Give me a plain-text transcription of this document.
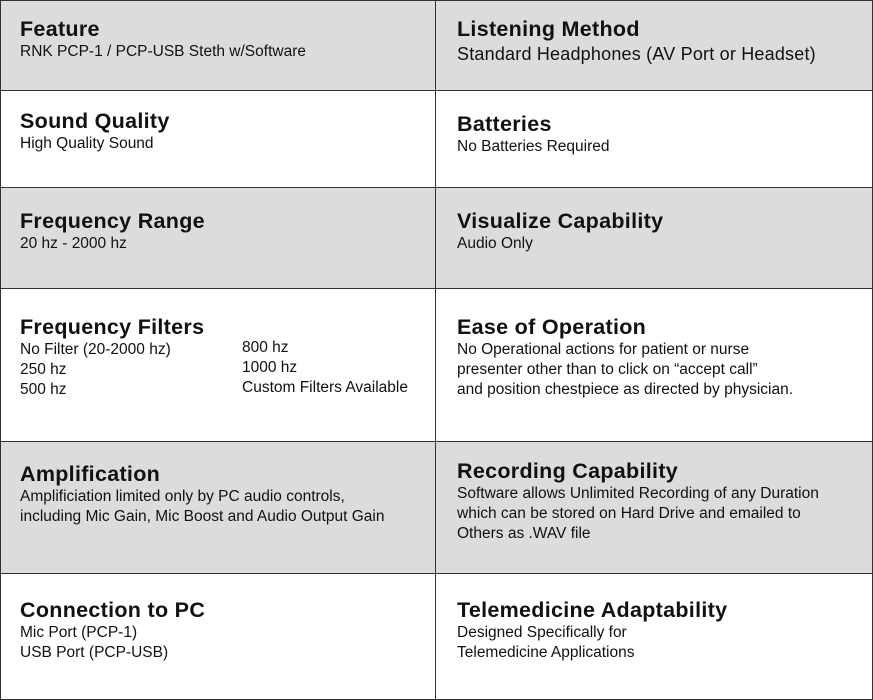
Feature
RNK PCP-1 / PCP-USB Steth w/Software
Listening Method
Standard Headphones (AV Port or Headset)
Sound Quality
High Quality Sound
Batteries
No Batteries Required
Frequency Range
20 hz - 2000 hz
Visualize Capability
Audio Only
Frequency Filters
No Filter (20-2000 hz)
250 hz
500 hz
800 hz
1000 hz
Custom Filters Available
Ease of Operation
No Operational actions for patient or nurse
presenter other than to click on “accept call”
and position chestpiece as directed by physician.
Amplification
Amplificiation limited only by PC audio controls,
including Mic Gain, Mic Boost and Audio Output Gain
Recording Capability
Software allows Unlimited Recording of any Duration
which can be stored on Hard Drive and emailed to
Others as .WAV file
Connection to PC
Mic Port (PCP-1)
USB Port (PCP-USB)
Telemedicine Adaptability
Designed Specifically for
Telemedicine Applications
